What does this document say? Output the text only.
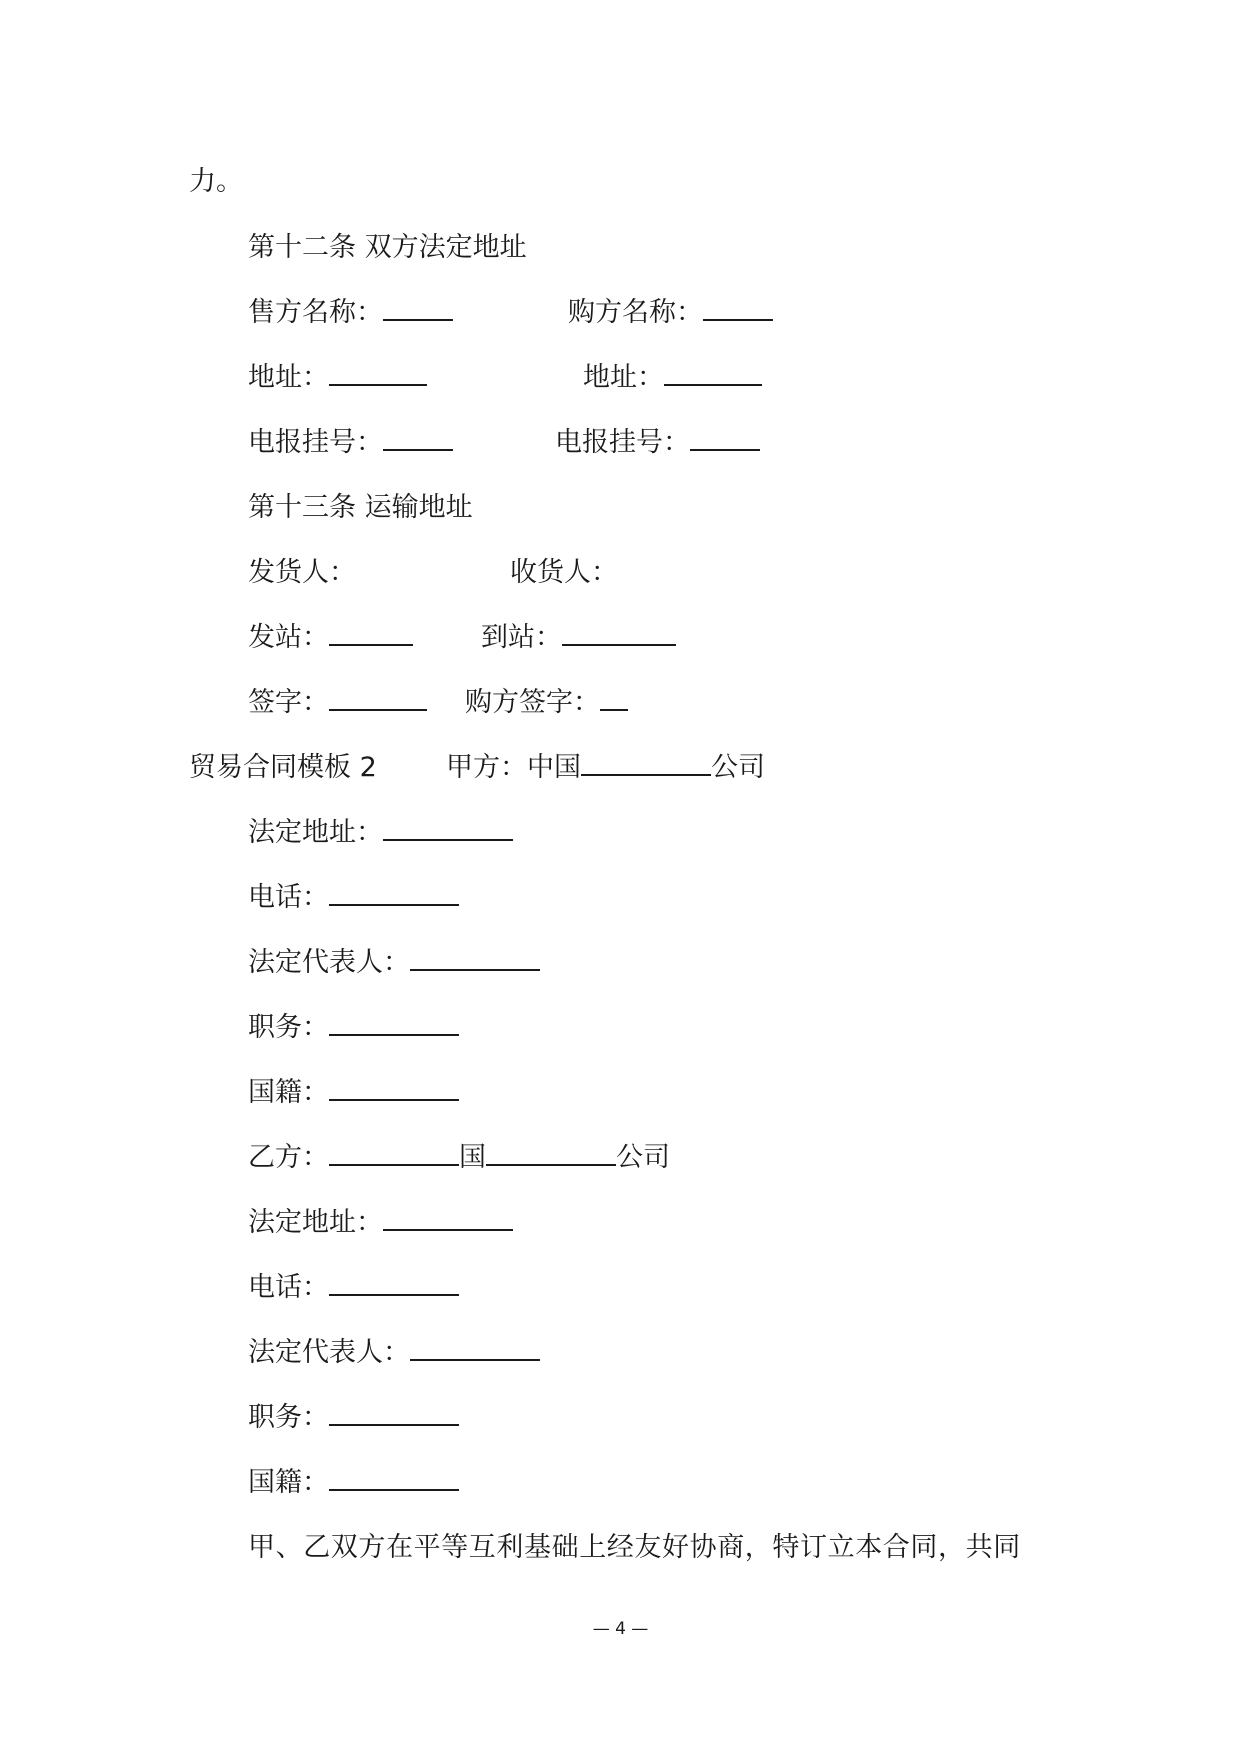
力。
第十二条 双方法定地址
售方名称：	购方名称：
地址：	地址：
电报挂号：	电报挂号：
第十三条 运输地址
发货人：	收货人：
发站：	到站：
签字：	购方签字：
贸易合同模板 2	甲方：中国	公司
法定地址：
电话：
法定代表人：
职务：
国籍：
乙方：	国	公司
法定地址：
电话：
法定代表人：
职务：
国籍：
甲、乙双方在平等互利基础上经友好协商，特订立本合同，共同
— 4 —
